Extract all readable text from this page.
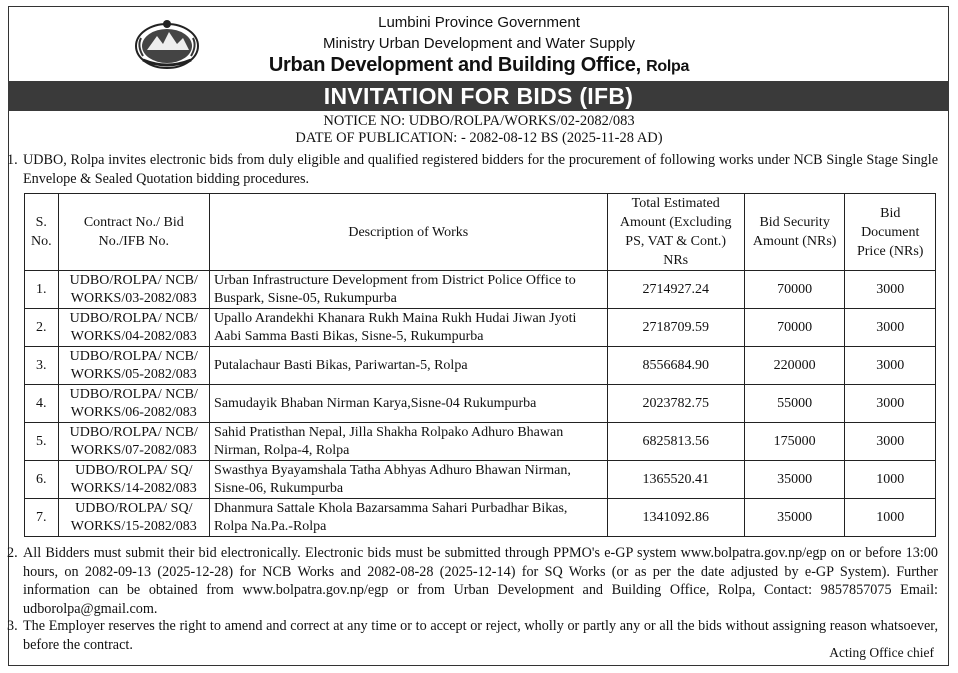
Lumbini Province Government
Ministry Urban Development and Water Supply
Urban Development and Building Office, Rolpa
INVITATION FOR BIDS (IFB)
NOTICE NO: UDBO/ROLPA/WORKS/02-2082/083
DATE OF PUBLICATION: - 2082-08-12 BS (2025-11-28 AD)
1. UDBO, Rolpa invites electronic bids from duly eligible and qualified registered bidders for the procurement of following works under NCB Single Stage Single Envelope & Sealed Quotation bidding procedures.
S. No.	Contract No./ Bid No./IFB No.	Description of Works	Total Estimated Amount (Excluding PS, VAT & Cont.) NRs	Bid Security Amount (NRs)	Bid Document Price (NRs)
1.	UDBO/ROLPA/ NCB/ WORKS/03-2082/083	Urban Infrastructure Development from District Police Office to Buspark, Sisne-05, Rukumpurba	2714927.24	70000	3000
2.	UDBO/ROLPA/ NCB/ WORKS/04-2082/083	Upallo Arandekhi Khanara Rukh Maina Rukh Hudai Jiwan Jyoti Aabi Samma Basti Bikas, Sisne-5, Rukumpurba	2718709.59	70000	3000
3.	UDBO/ROLPA/ NCB/ WORKS/05-2082/083	Putalachaur Basti Bikas, Pariwartan-5, Rolpa	8556684.90	220000	3000
4.	UDBO/ROLPA/ NCB/ WORKS/06-2082/083	Samudayik Bhaban Nirman Karya,Sisne-04 Rukumpurba	2023782.75	55000	3000
5.	UDBO/ROLPA/ NCB/ WORKS/07-2082/083	Sahid Pratisthan Nepal, Jilla Shakha Rolpako Adhuro Bhawan Nirman, Rolpa-4, Rolpa	6825813.56	175000	3000
6.	UDBO/ROLPA/ SQ/ WORKS/14-2082/083	Swasthya Byayamshala Tatha Abhyas Adhuro Bhawan Nirman, Sisne-06, Rukumpurba	1365520.41	35000	1000
7.	UDBO/ROLPA/ SQ/ WORKS/15-2082/083	Dhanmura Sattale Khola Bazarsamma Sahari Purbadhar Bikas, Rolpa Na.Pa.-Rolpa	1341092.86	35000	1000
2. All Bidders must submit their bid electronically. Electronic bids must be submitted through PPMO's e-GP system www.bolpatra.gov.np/egp on or before 13:00 hours, on 2082-09-13 (2025-12-28) for NCB Works and 2082-08-28 (2025-12-14) for SQ Works (or as per the date adjusted by e-GP System). Further information can be obtained from www.bolpatra.gov.np/egp or from Urban Development and Building Office, Rolpa, Contact: 9857857075 Email: udborolpa@gmail.com.
3. The Employer reserves the right to amend and correct at any time or to accept or reject, wholly or partly any or all the bids without assigning reason whatsoever, before the contract.	Acting Office chief
